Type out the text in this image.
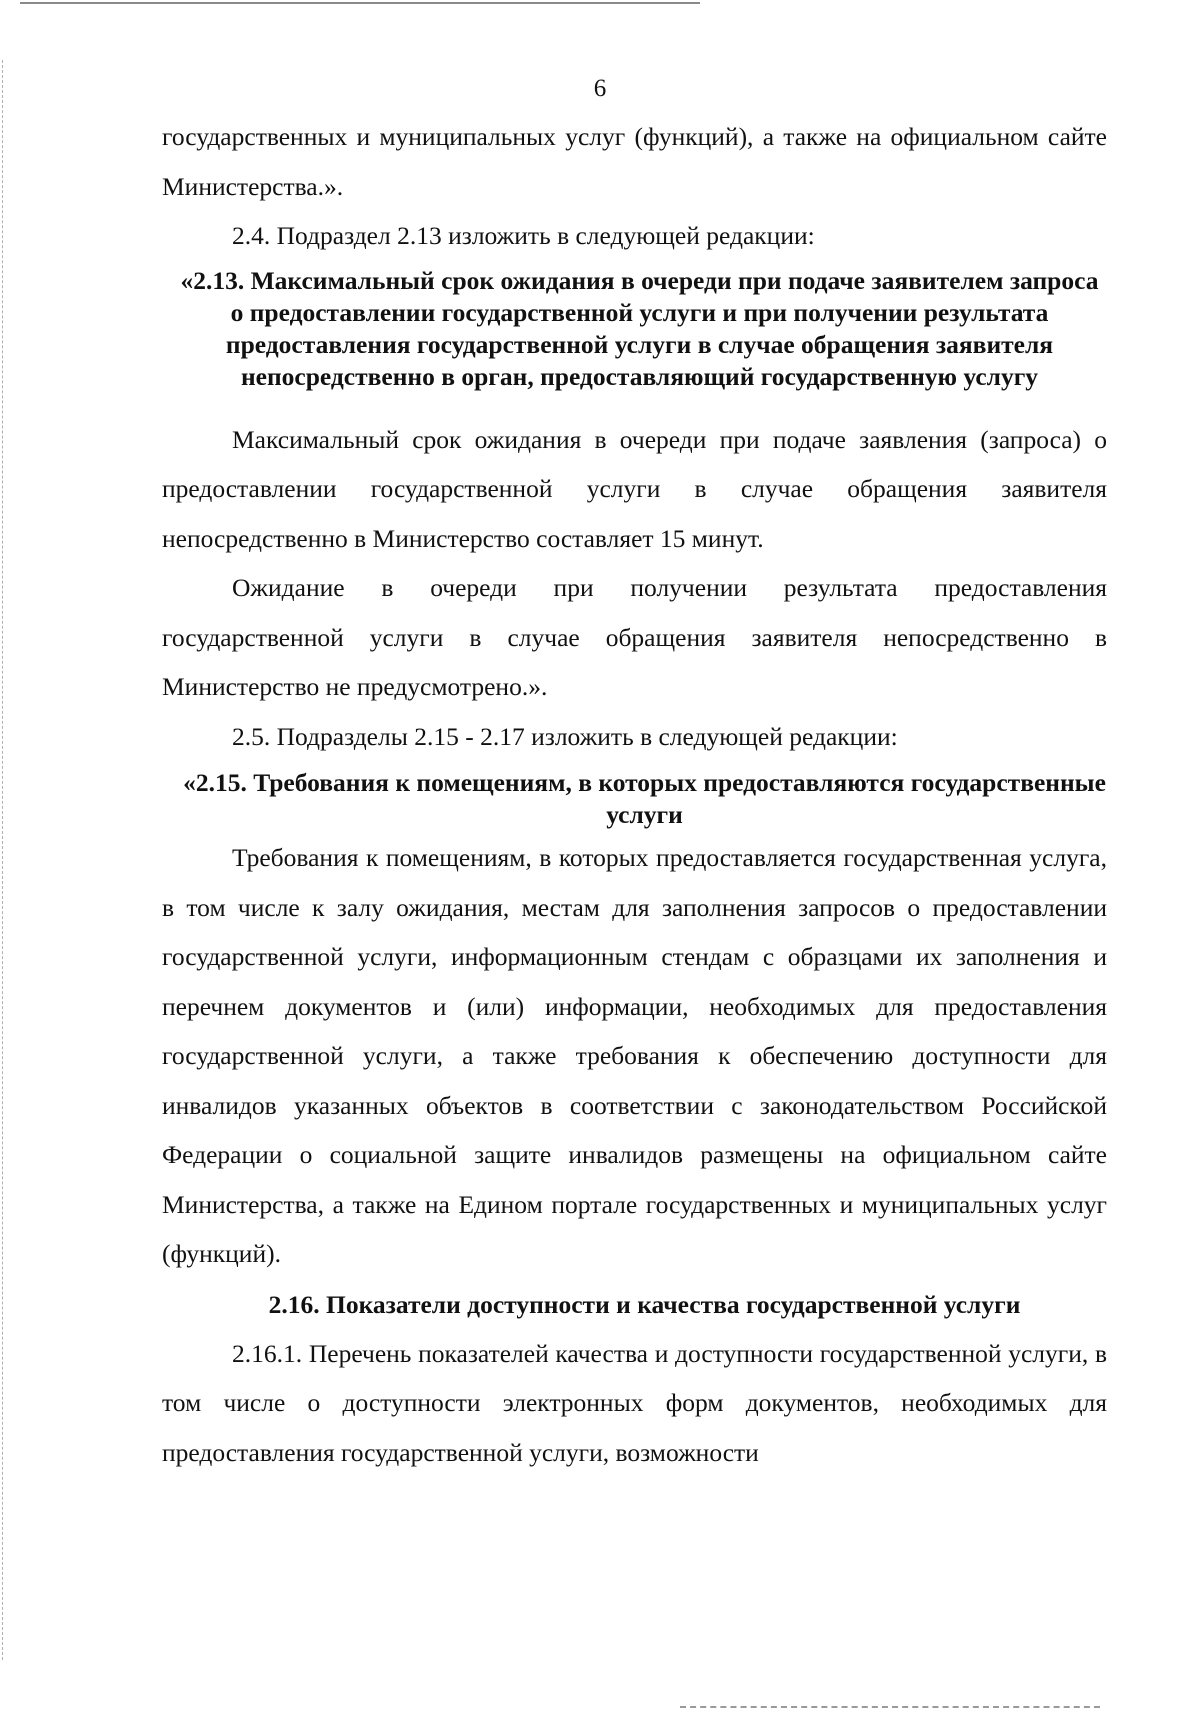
6

государственных и муниципальных услуг (функций), а также на официальном сайте Министерства.».

2.4. Подраздел 2.13 изложить в следующей редакции:

«2.13. Максимальный срок ожидания в очереди при подаче заявителем запроса о предоставлении государственной услуги и при получении результата предоставления государственной услуги в случае обращения заявителя непосредственно в орган, предоставляющий государственную услугу

Максимальный срок ожидания в очереди при подаче заявления (запроса) о предоставлении государственной услуги в случае обращения заявителя непосредственно в Министерство составляет 15 минут.

Ожидание в очереди при получении результата предоставления государственной услуги в случае обращения заявителя непосредственно в Министерство не предусмотрено.».

2.5. Подразделы 2.15 - 2.17 изложить в следующей редакции:

«2.15. Требования к помещениям, в которых предоставляются государственные услуги

Требования к помещениям, в которых предоставляется государственная услуга, в том числе к залу ожидания, местам для заполнения запросов о предоставлении государственной услуги, информационным стендам с образцами их заполнения и перечнем документов и (или) информации, необходимых для предоставления государственной услуги, а также требования к обеспечению доступности для инвалидов указанных объектов в соответствии с законодательством Российской Федерации о социальной защите инвалидов размещены на официальном сайте Министерства, а также на Едином портале государственных и муниципальных услуг (функций).

2.16. Показатели доступности и качества государственной услуги

2.16.1. Перечень показателей качества и доступности государственной услуги, в том числе о доступности электронных форм документов, необходимых для предоставления государственной услуги, возможности
